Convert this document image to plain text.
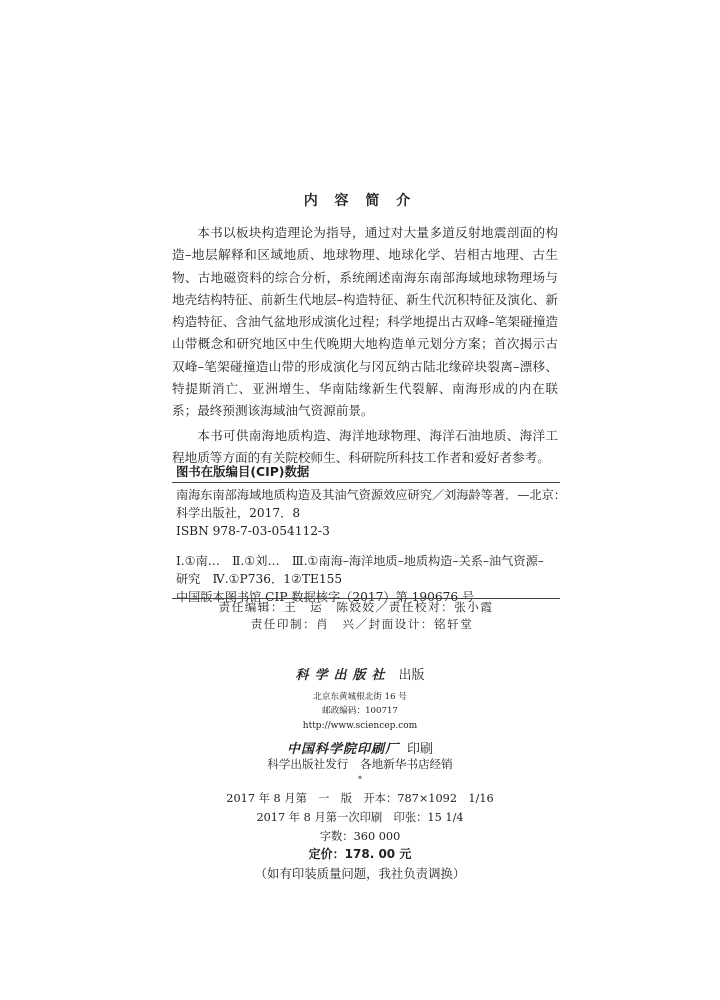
内 容 简 介

本书以板块构造理论为指导，通过对大量多道反射地震剖面的构造–地层解释和区域地质、地球物理、地球化学、岩相古地理、古生物、古地磁资料的综合分析，系统阐述南海东南部海域地球物理场与地壳结构特征、前新生代地层–构造特征、新生代沉积特征及演化、新构造特征、含油气盆地形成演化过程；科学地提出古双峰–笔架碰撞造山带概念和研究地区中生代晚期大地构造单元划分方案；首次揭示古双峰–笔架碰撞造山带的形成演化与冈瓦纳古陆北缘碎块裂离–漂移、特提斯消亡、亚洲增生、华南陆缘新生代裂解、南海形成的内在联系；最终预测该海域油气资源前景。

本书可供南海地质构造、海洋地球物理、海洋石油地质、海洋工程地质等方面的有关院校师生、科研院所科技工作者和爱好者参考。

图书在版编目(CIP)数据
南海东南部海域地质构造及其油气资源效应研究／刘海龄等著．—北京：
科学出版社，2017．8
ISBN 978-7-03-054112-3
Ⅰ.①南…　Ⅱ.①刘…　Ⅲ.①南海–海洋地质–地质构造–关系–油气资源–
研究　Ⅳ.①P736．1②TE155
中国版本图书馆 CIP 数据核字（2017）第 190676 号
责任编辑：王　运　陈姣姣／责任校对：张小霞
责任印制：肖　兴／封面设计：铭轩堂
科学出版社 出版
北京东黄城根北街 16 号
邮政编码：100717
http://www.sciencep.com
中国科学院印刷厂 印刷
科学出版社发行　各地新华书店经销
*
2017 年 8 月第　一　版　开本：787×1092　1/16
2017 年 8 月第一次印刷　印张：15 1/4
字数：360 000
定价：178. 00 元
（如有印装质量问题，我社负责调换）
